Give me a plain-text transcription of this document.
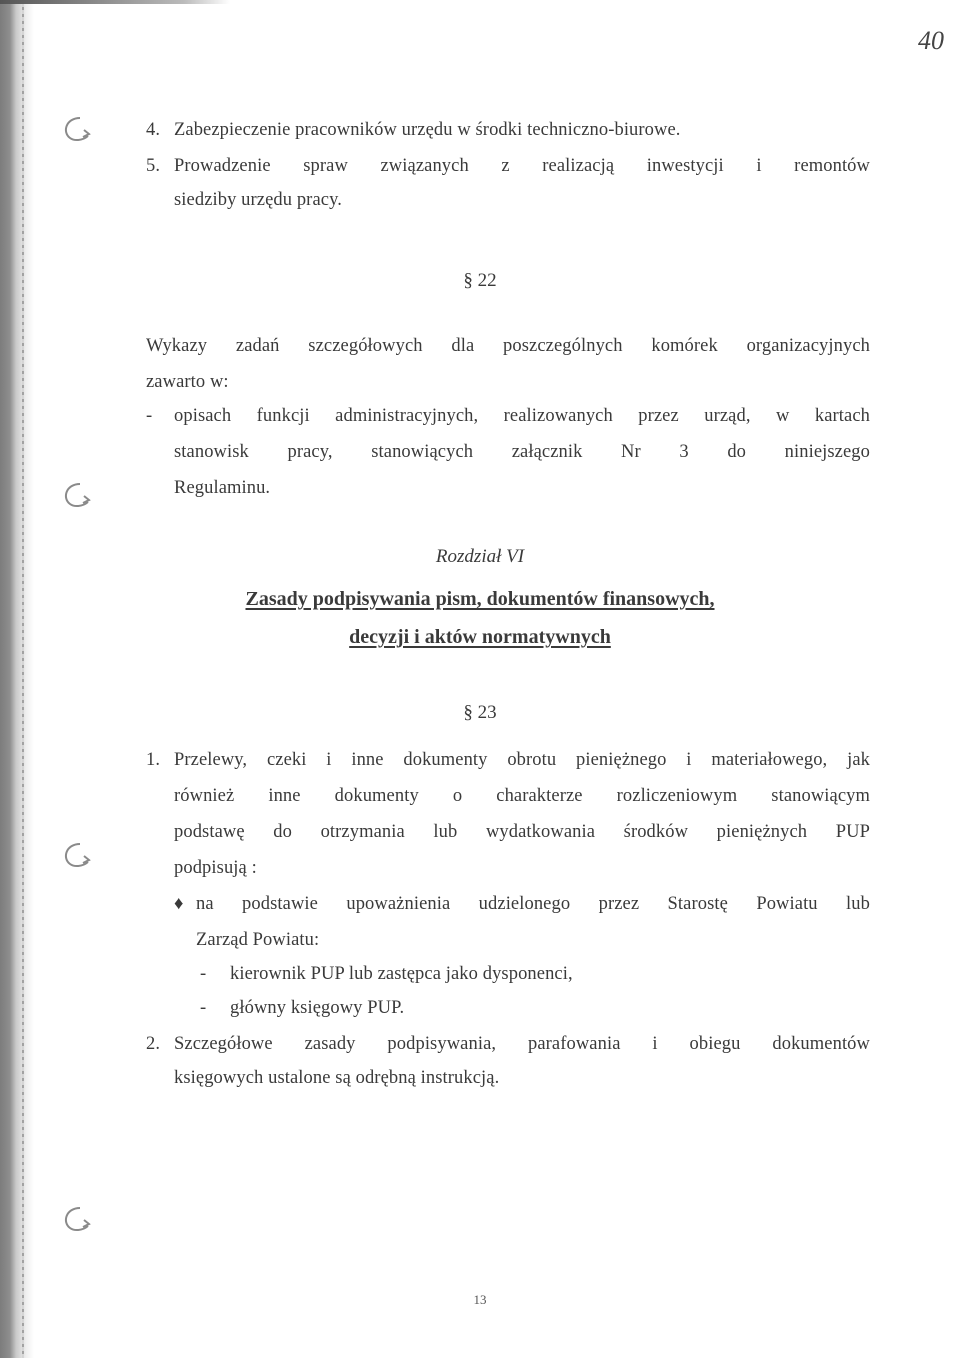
40
4. Zabezpieczenie pracowników urzędu w środki techniczno-biurowe.
5. Prowadzenie spraw związanych z realizacją inwestycji i remontów
siedziby urzędu pracy.
§ 22
Wykazy zadań szczegółowych dla poszczególnych komórek organizacyjnych
zawarto w:
- opisach funkcji administracyjnych, realizowanych przez urząd, w kartach
stanowisk pracy, stanowiących załącznik Nr 3 do niniejszego
Regulaminu.
Rozdział VI
Zasady podpisywania pism, dokumentów finansowych,
decyzji i aktów normatywnych
§ 23
1. Przelewy, czeki i inne dokumenty obrotu pieniężnego i materiałowego, jak
również inne dokumenty o charakterze rozliczeniowym stanowiącym
podstawę do otrzymania lub wydatkowania środków pieniężnych PUP
podpisują :
♦ na podstawie upoważnienia udzielonego przez Starostę Powiatu lub
Zarząd Powiatu:
- kierownik PUP lub zastępca jako dysponenci,
- główny księgowy PUP.
2. Szczegółowe zasady podpisywania, parafowania i obiegu dokumentów
księgowych ustalone są odrębną instrukcją.
13
